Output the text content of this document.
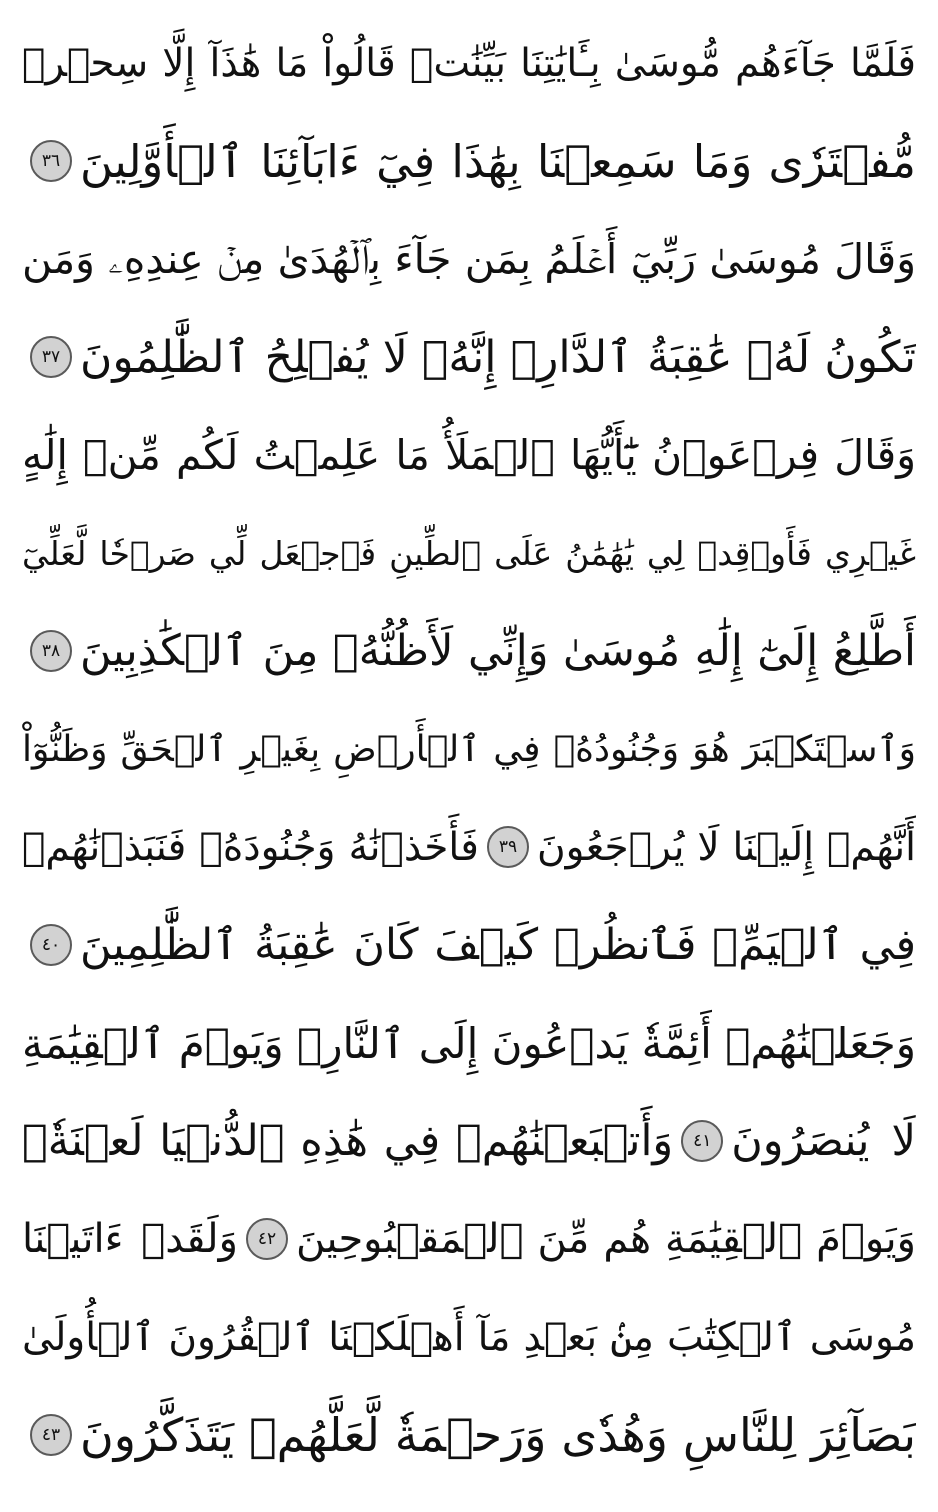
فَلَمَّا جَآءَهُم مُّوسَىٰ بِـَٔايَٰتِنَا بَيِّنَٰتٖ قَالُواْ مَا هَٰذَآ إِلَّا سِحۡرٞ
مُّفۡتَرٗى وَمَا سَمِعۡنَا بِهَٰذَا فِيٓ ءَابَآئِنَا ٱلۡأَوَّلِينَ
٣٦
وَقَالَ مُوسَىٰ رَبِّيٓ أَعۡلَمُ بِمَن جَآءَ بِٱلۡهُدَىٰ مِنۡ عِندِهِۦ وَمَن
تَكُونُ لَهُۥ عَٰقِبَةُ ٱلدَّارِۚ إِنَّهُۥ لَا يُفۡلِحُ ٱلظَّٰلِمُونَ
٣٧
وَقَالَ فِرۡعَوۡنُ يَٰٓأَيُّهَا ٱلۡمَلَأُ مَا عَلِمۡتُ لَكُم مِّنۡ إِلَٰهٍ
غَيۡرِي فَأَوۡقِدۡ لِي يَٰهَٰمَٰنُ عَلَى ٱلطِّينِ فَٱجۡعَل لِّي صَرۡحٗا لَّعَلِّيٓ
أَطَّلِعُ إِلَىٰٓ إِلَٰهِ مُوسَىٰ وَإِنِّي لَأَظُنُّهُۥ مِنَ ٱلۡكَٰذِبِينَ
٣٨
وَٱسۡتَكۡبَرَ هُوَ وَجُنُودُهُۥ فِي ٱلۡأَرۡضِ بِغَيۡرِ ٱلۡحَقِّ وَظَنُّوٓاْ
أَنَّهُمۡ إِلَيۡنَا لَا يُرۡجَعُونَ
٣٩
فَأَخَذۡنَٰهُ وَجُنُودَهُۥ فَنَبَذۡنَٰهُمۡ
فِي ٱلۡيَمِّۖ فَٱنظُرۡ كَيۡفَ كَانَ عَٰقِبَةُ ٱلظَّٰلِمِينَ
٤٠
وَجَعَلۡنَٰهُمۡ أَئِمَّةٗ يَدۡعُونَ إِلَى ٱلنَّارِۖ وَيَوۡمَ ٱلۡقِيَٰمَةِ
لَا يُنصَرُونَ
٤١
وَأَتۡبَعۡنَٰهُمۡ فِي هَٰذِهِ ٱلدُّنۡيَا لَعۡنَةٗۖ
وَيَوۡمَ ٱلۡقِيَٰمَةِ هُم مِّنَ ٱلۡمَقۡبُوحِينَ
٤٢
وَلَقَدۡ ءَاتَيۡنَا
مُوسَى ٱلۡكِتَٰبَ مِنۢ بَعۡدِ مَآ أَهۡلَكۡنَا ٱلۡقُرُونَ ٱلۡأُولَىٰ
بَصَآئِرَ لِلنَّاسِ وَهُدٗى وَرَحۡمَةٗ لَّعَلَّهُمۡ يَتَذَكَّرُونَ
٤٣
